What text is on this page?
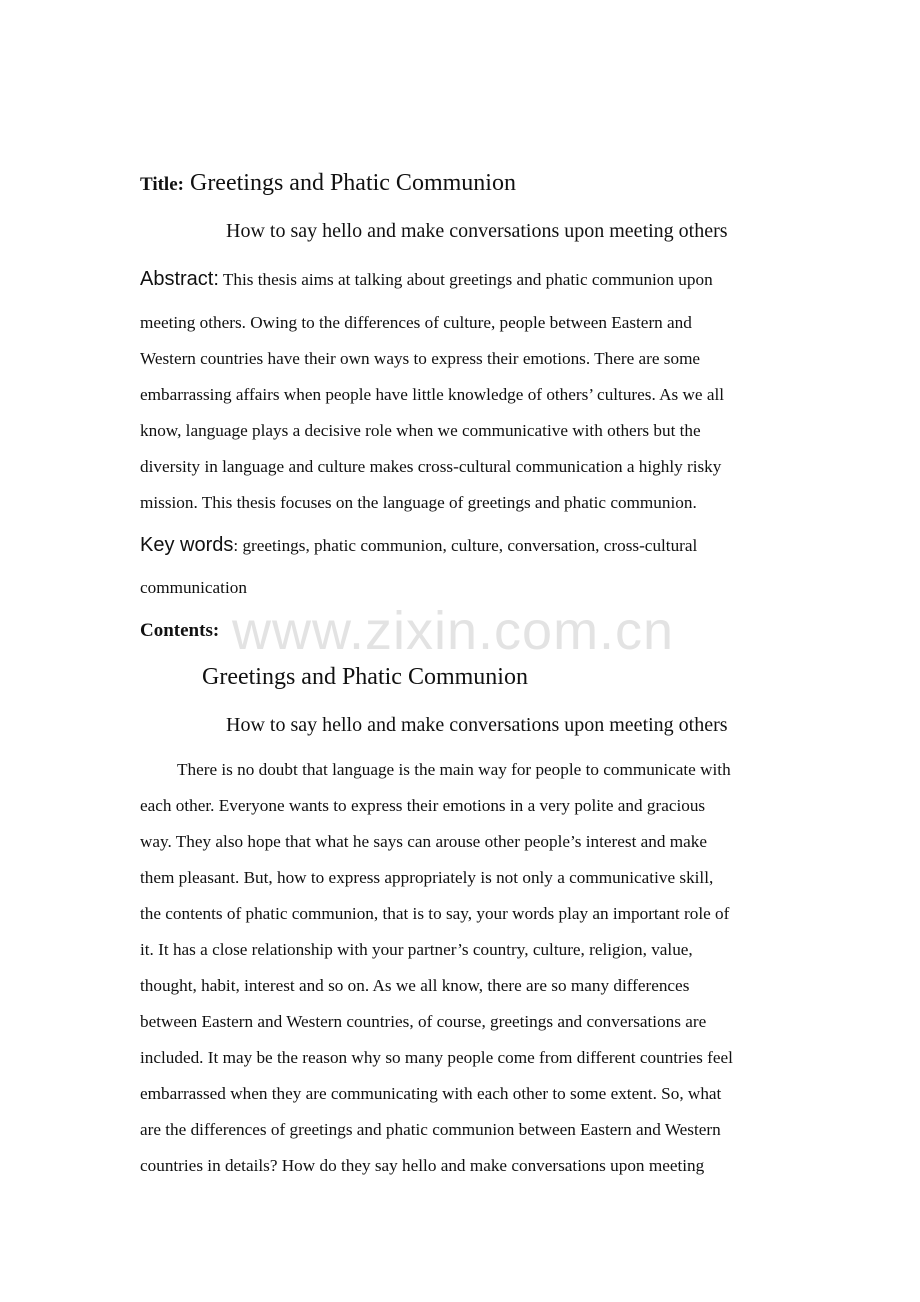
www.zixin.com.cn
Title: Greetings and Phatic Communion
How to say hello and make conversations upon meeting others
Abstract: This thesis aims at talking about greetings and phatic communion upon
meeting others. Owing to the differences of culture, people between Eastern and
Western countries have their own ways to express their emotions. There are some
embarrassing affairs when people have little knowledge of others’ cultures. As we all
know, language plays a decisive role when we communicative with others but the
diversity in language and culture makes cross-cultural communication a highly risky
mission. This thesis focuses on the language of greetings and phatic communion.
Key words: greetings, phatic communion, culture, conversation, cross-cultural
communication
Contents:
Greetings and Phatic Communion
How to say hello and make conversations upon meeting others
There is no doubt that language is the main way for people to communicate with
each other. Everyone wants to express their emotions in a very polite and gracious
way. They also hope that what he says can arouse other people’s interest and make
them pleasant. But, how to express appropriately is not only a communicative skill,
the contents of phatic communion, that is to say, your words play an important role of
it. It has a close relationship with your partner’s country, culture, religion, value,
thought, habit, interest and so on. As we all know, there are so many differences
between Eastern and Western countries, of course, greetings and conversations are
included. It may be the reason why so many people come from different countries feel
embarrassed when they are communicating with each other to some extent. So, what
are the differences of greetings and phatic communion between Eastern and Western
countries in details? How do they say hello and make conversations upon meeting
